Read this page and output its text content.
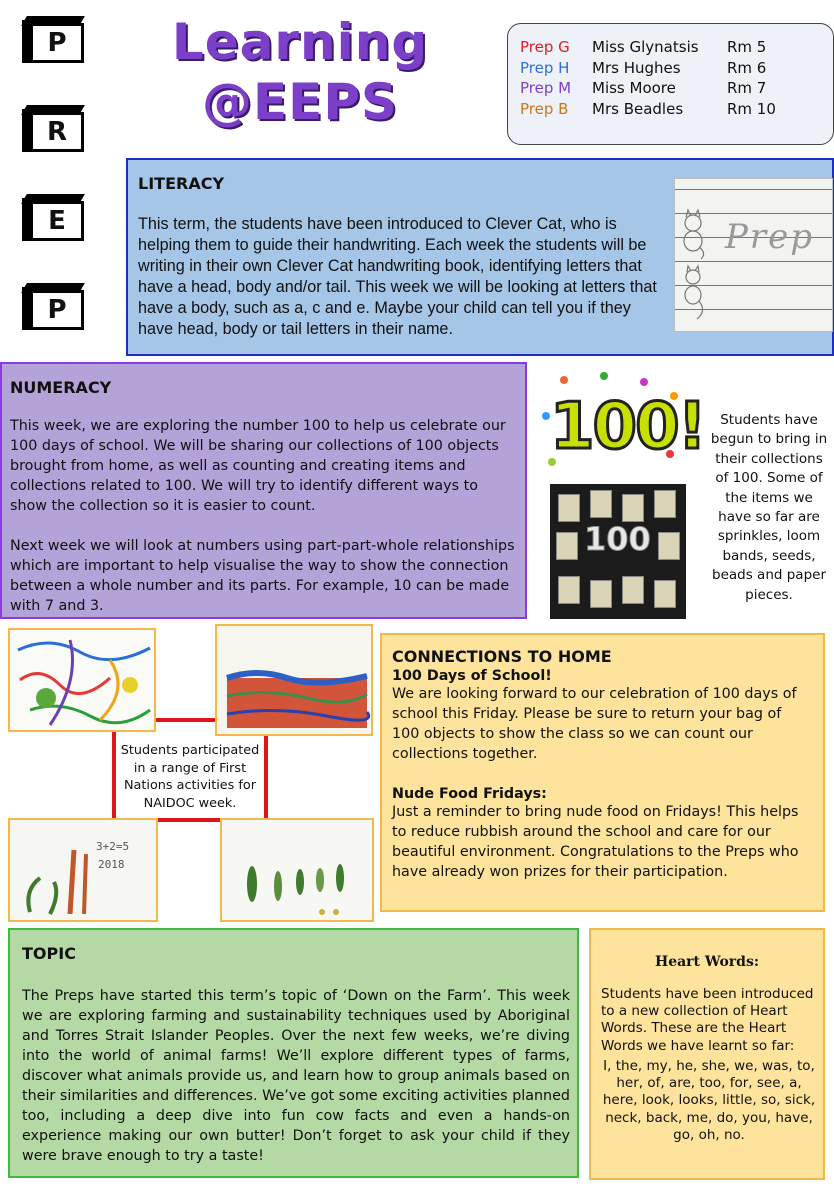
P
R
E
P
Learning
@EEPS
Prep G	Miss Glynatsis	Rm 5
Prep H	Mrs Hughes	Rm 6
Prep M	Miss Moore	Rm 7
Prep B	Mrs Beadles	Rm 10
LITERACY
This term, the students have been introduced to Clever Cat, who is helping them to guide their handwriting. Each week the students will be writing in their own Clever Cat handwriting book, identifying letters that have a head, body and/or tail. This week we will be looking at letters that have a body, such as a, c and e. Maybe your child can tell you if they have head, body or tail letters in their name.
Prep
NUMERACY
This week, we are exploring the number 100 to help us celebrate our 100 days of school. We will be sharing our collections of 100 objects brought from home, as well as counting and creating items and collections related to 100. We will try to identify different ways to show the collection so it is easier to count.
Next week we will look at numbers using part-part-whole relationships which are important to help visualise the way to show the connection between a whole number and its parts. For example, 10 can be made with 7 and 3.
100!
100
Students have begun to bring in their collections of 100. Some of the items we have so far are sprinkles, loom bands, seeds, beads and paper pieces.
3+2=5
2018
Students participated in a range of First Nations activities for NAIDOC week.
CONNECTIONS TO HOME
100 Days of School!
We are looking forward to our celebration of 100 days of school this Friday. Please be sure to return your bag of 100 objects to show the class so we can count our collections together.
Nude Food Fridays:
Just a reminder to bring nude food on Fridays! This helps to reduce rubbish around the school and care for our beautiful environment. Congratulations to the Preps who have already won prizes for their participation.
TOPIC
The Preps have started this term’s topic of ‘Down on the Farm’. This week we are exploring farming and sustainability techniques used by Aboriginal and Torres Strait Islander Peoples. Over the next few weeks, we’re diving into the world of animal farms! We’ll explore different types of farms, discover what animals provide us, and learn how to group animals based on their similarities and differences. We’ve got some exciting activities planned too, including a deep dive into fun cow facts and even a hands-on experience making our own butter! Don’t forget to ask your child if they were brave enough to try a taste!
Heart Words:
Students have been introduced to a new collection of Heart Words. These are the Heart Words we have learnt so far:
I, the, my, he, she, we, was, to, her, of, are, too, for, see, a, here, look, looks, little, so, sick, neck, back, me, do, you, have, go, oh, no.
